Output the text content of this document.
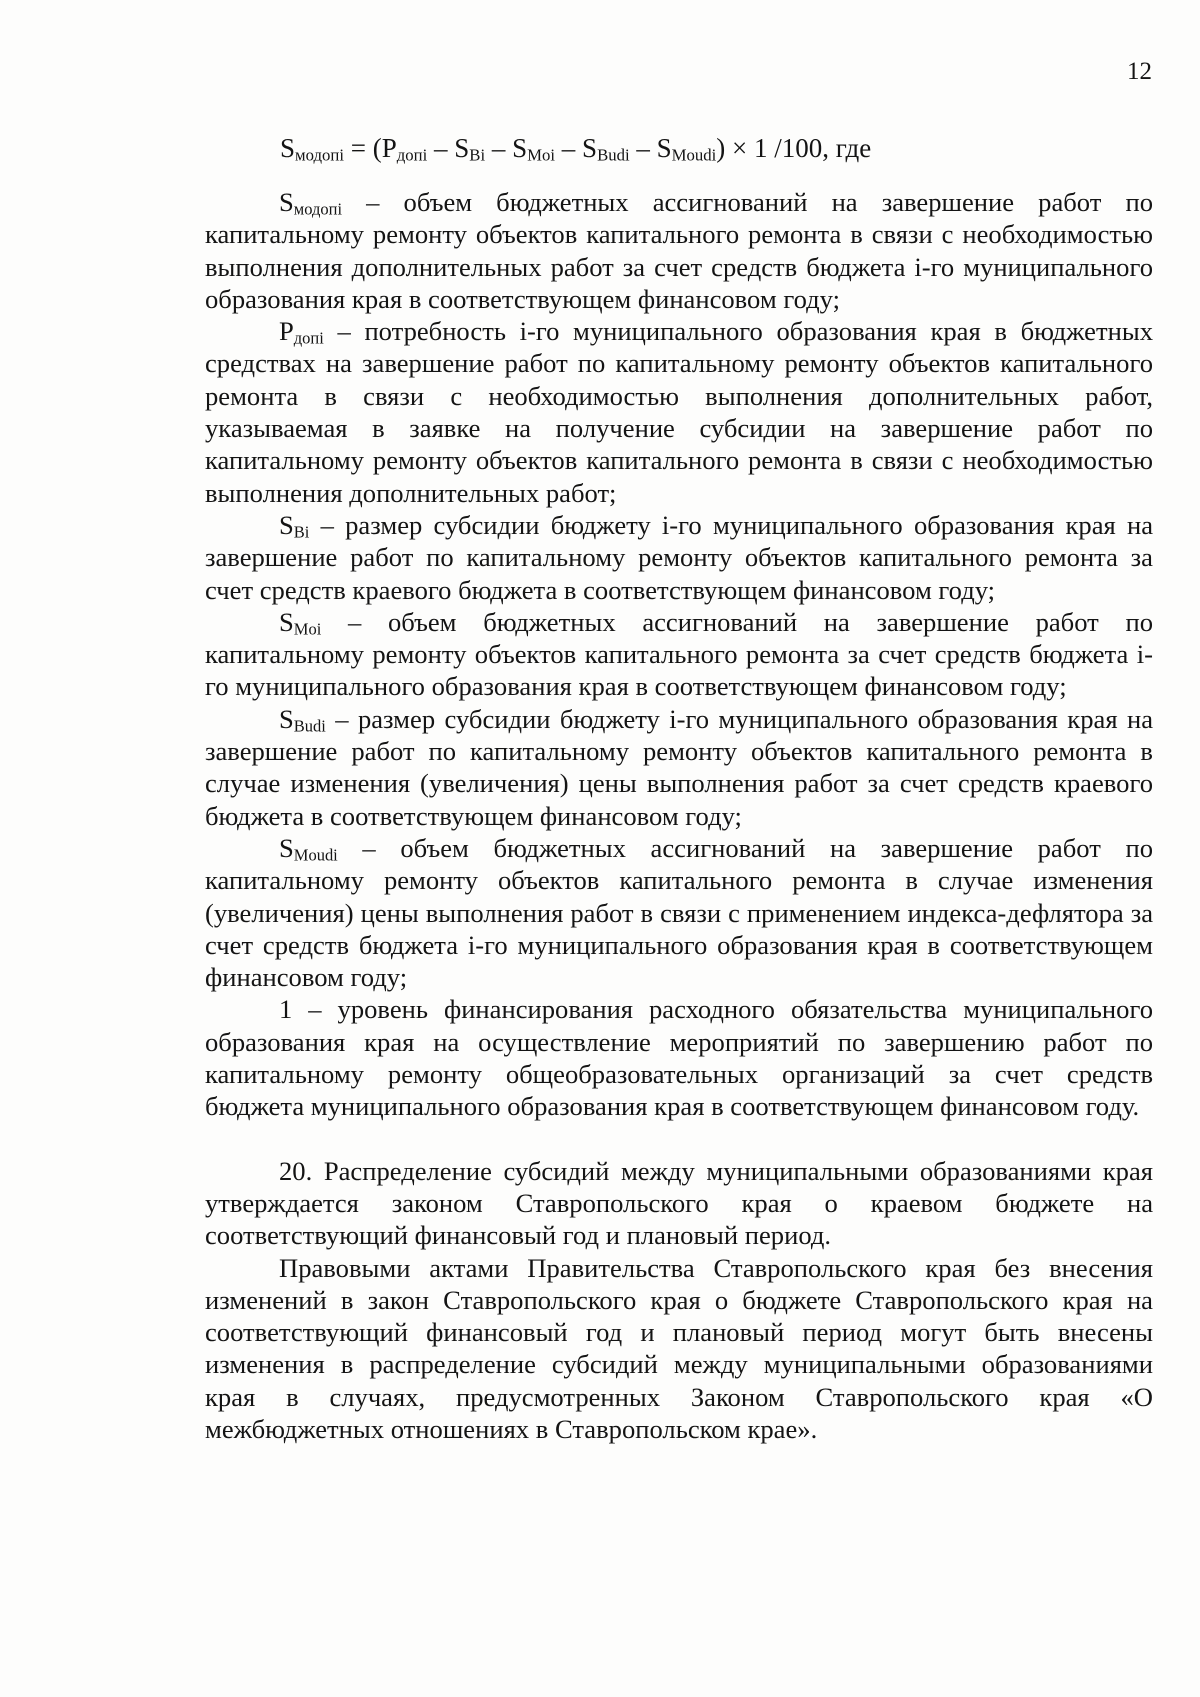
12
$S_{модопi} = (P_{допi} - S_{Bi} - S_{Moi} - S_{Budi} - S_{Moudi}) \times 1$ /100, где

$S_{модопi}$ – объем бюджетных ассигнований на завершение работ по капитальному ремонту объектов капитального ремонта в связи с необходимостью выполнения дополнительных работ за счет средств бюджета i-го муниципального образования края в соответствующем финансовом году;

$P_{допi}$ – потребность i-го муниципального образования края в бюджетных средствах на завершение работ по капитальному ремонту объектов капитального ремонта в связи с необходимостью выполнения дополнительных работ, указываемая в заявке на получение субсидии на завершение работ по капитальному ремонту объектов капитального ремонта в связи с необходимостью выполнения дополнительных работ;

$S_{Bi}$ – размер субсидии бюджету i-го муниципального образования края на завершение работ по капитальному ремонту объектов капитального ремонта за счет средств краевого бюджета в соответствующем финансовом году;

$S_{Moi}$ – объем бюджетных ассигнований на завершение работ по капитальному ремонту объектов капитального ремонта за счет средств бюджета i-го муниципального образования края в соответствующем финансовом году;

$S_{Budi}$ – размер субсидии бюджету i-го муниципального образования края на завершение работ по капитальному ремонту объектов капитального ремонта в случае изменения (увеличения) цены выполнения работ за счет средств краевого бюджета в соответствующем финансовом году;

$S_{Moudi}$ – объем бюджетных ассигнований на завершение работ по капитальному ремонту объектов капитального ремонта в случае изменения (увеличения) цены выполнения работ в связи с применением индекса-дефлятора за счет средств бюджета i-го муниципального образования края в соответствующем финансовом году;

1 – уровень финансирования расходного обязательства муниципального образования края на осуществление мероприятий по завершению работ по капитальному ремонту общеобразовательных организаций за счет средств бюджета муниципального образования края в соответствующем финансовом году.

20. Распределение субсидий между муниципальными образованиями края утверждается законом Ставропольского края о краевом бюджете на соответствующий финансовый год и плановый период.

Правовыми актами Правительства Ставропольского края без внесения изменений в закон Ставропольского края о бюджете Ставропольского края на соответствующий финансовый год и плановый период могут быть внесены изменения в распределение субсидий между муниципальными образованиями края в случаях, предусмотренных Законом Ставропольского края «О межбюджетных отношениях в Ставропольском крае».
